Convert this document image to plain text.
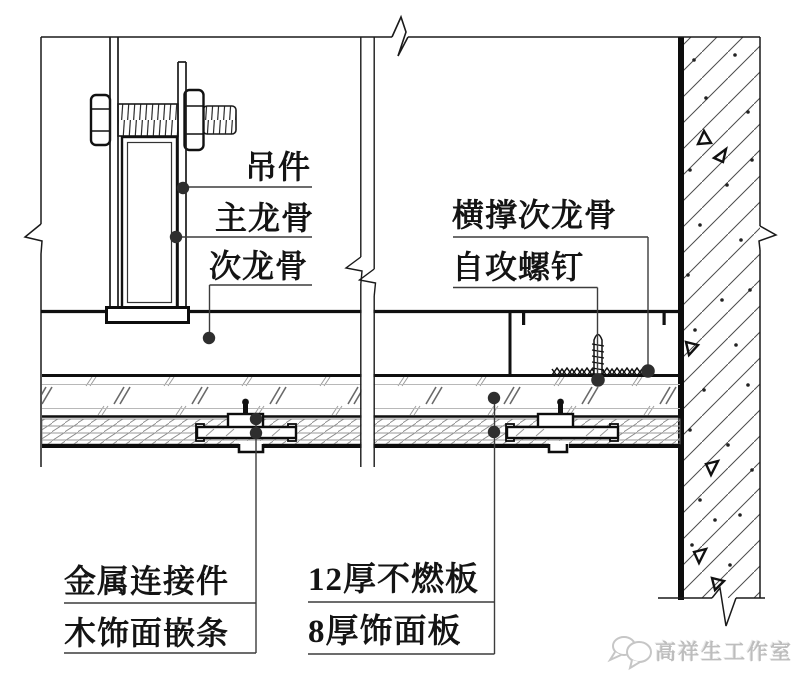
吊件
主龙骨
次龙骨
横撑次龙骨
自攻螺钉
金属连接件
木饰面嵌条
12厚不燃板
8厚饰面板
高祥生工作室
